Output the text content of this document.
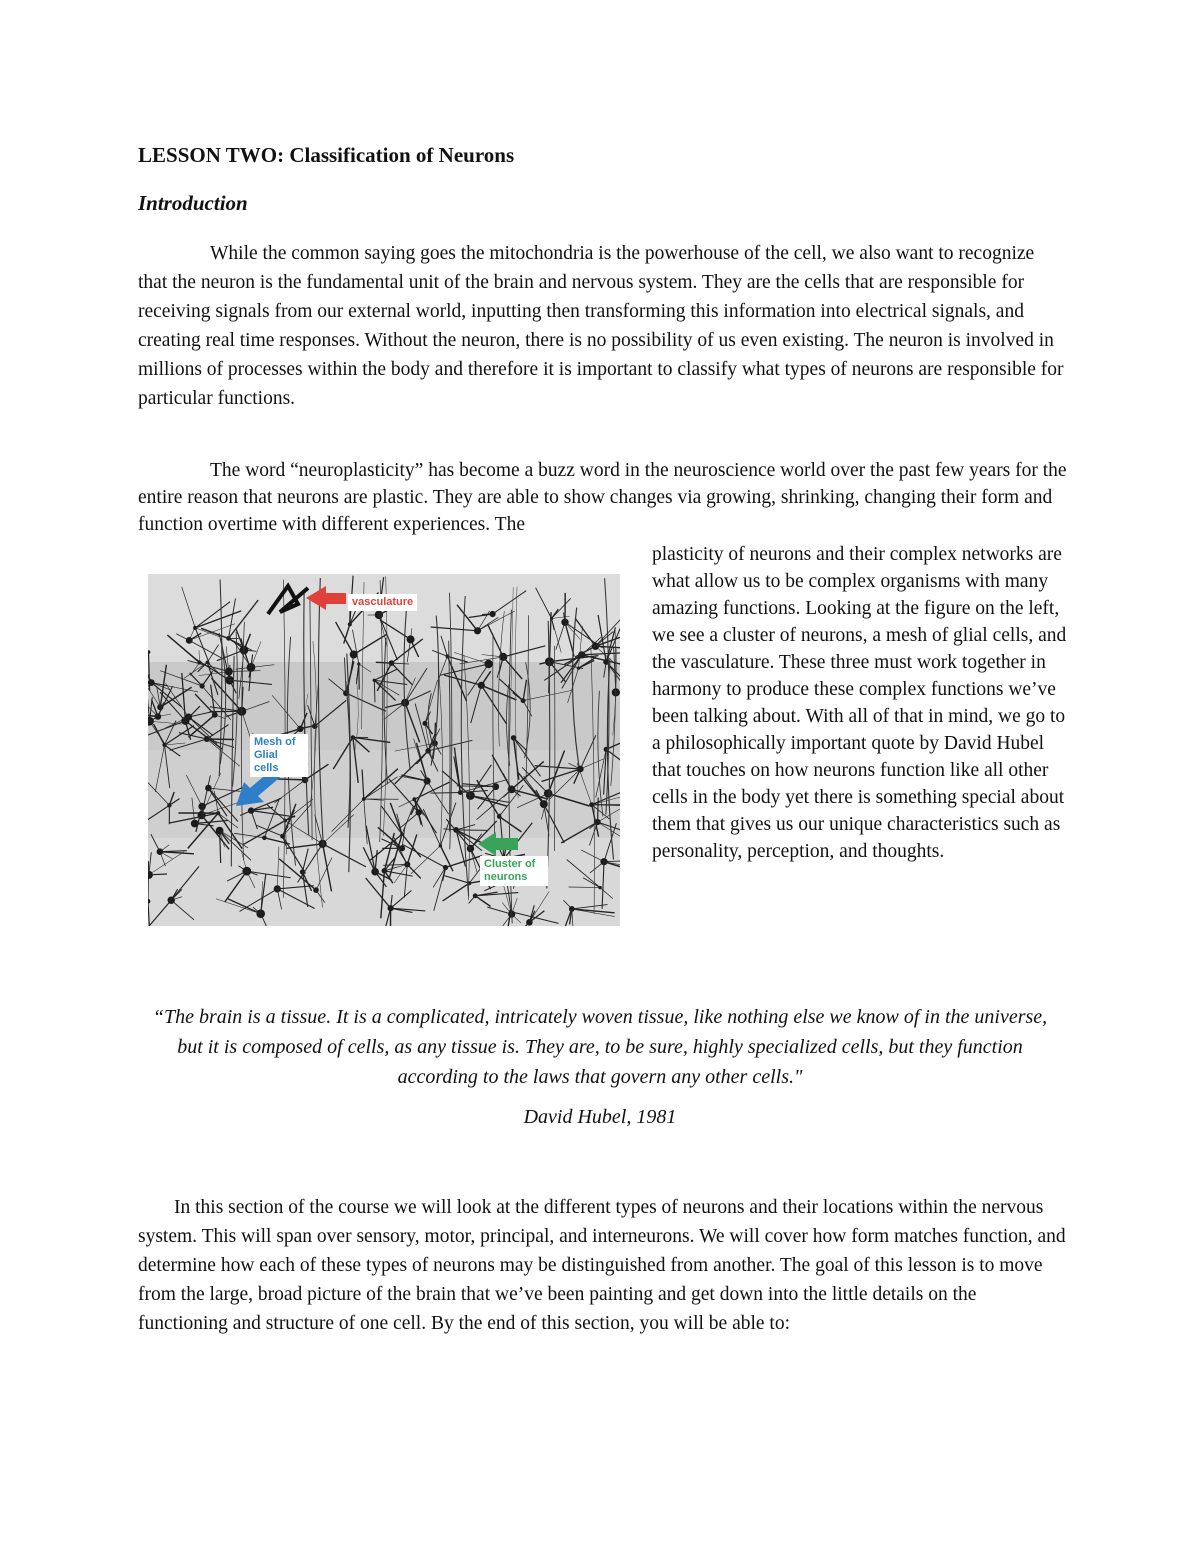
LESSON TWO: Classification of Neurons
Introduction

While the common saying goes the mitochondria is the powerhouse of the cell, we also want to recognize that the neuron is the fundamental unit of the brain and nervous system. They are the cells that are responsible for receiving signals from our external world, inputting then transforming this information into electrical signals, and creating real time responses. Without the neuron, there is no possibility of us even existing. The neuron is involved in millions of processes within the body and therefore it is important to classify what types of neurons are responsible for particular functions.

The word “neuroplasticity” has become a buzz word in the neuroscience world over the past few years for the entire reason that neurons are plastic. They are able to show changes via growing, shrinking, changing their form and function overtime with different experiences. The

vasculature
Mesh of Glial cells
Cluster of neurons

plasticity of neurons and their complex networks are what allow us to be complex organisms with many amazing functions. Looking at the figure on the left, we see a cluster of neurons, a mesh of glial cells, and the vasculature. These three must work together in harmony to produce these complex functions we’ve been talking about. With all of that in mind, we go to a philosophically important quote by David Hubel that touches on how neurons function like all other cells in the body yet there is something special about them that gives us our unique characteristics such as personality, perception, and thoughts.

“The brain is a tissue. It is a complicated, intricately woven tissue, like nothing else we know of in the universe, but it is composed of cells, as any tissue is. They are, to be sure, highly specialized cells, but they function according to the laws that govern any other cells."

David Hubel, 1981

In this section of the course we will look at the different types of neurons and their locations within the nervous system. This will span over sensory, motor, principal, and interneurons. We will cover how form matches function, and determine how each of these types of neurons may be distinguished from another. The goal of this lesson is to move from the large, broad picture of the brain that we’ve been painting and get down into the little details on the functioning and structure of one cell. By the end of this section, you will be able to:
